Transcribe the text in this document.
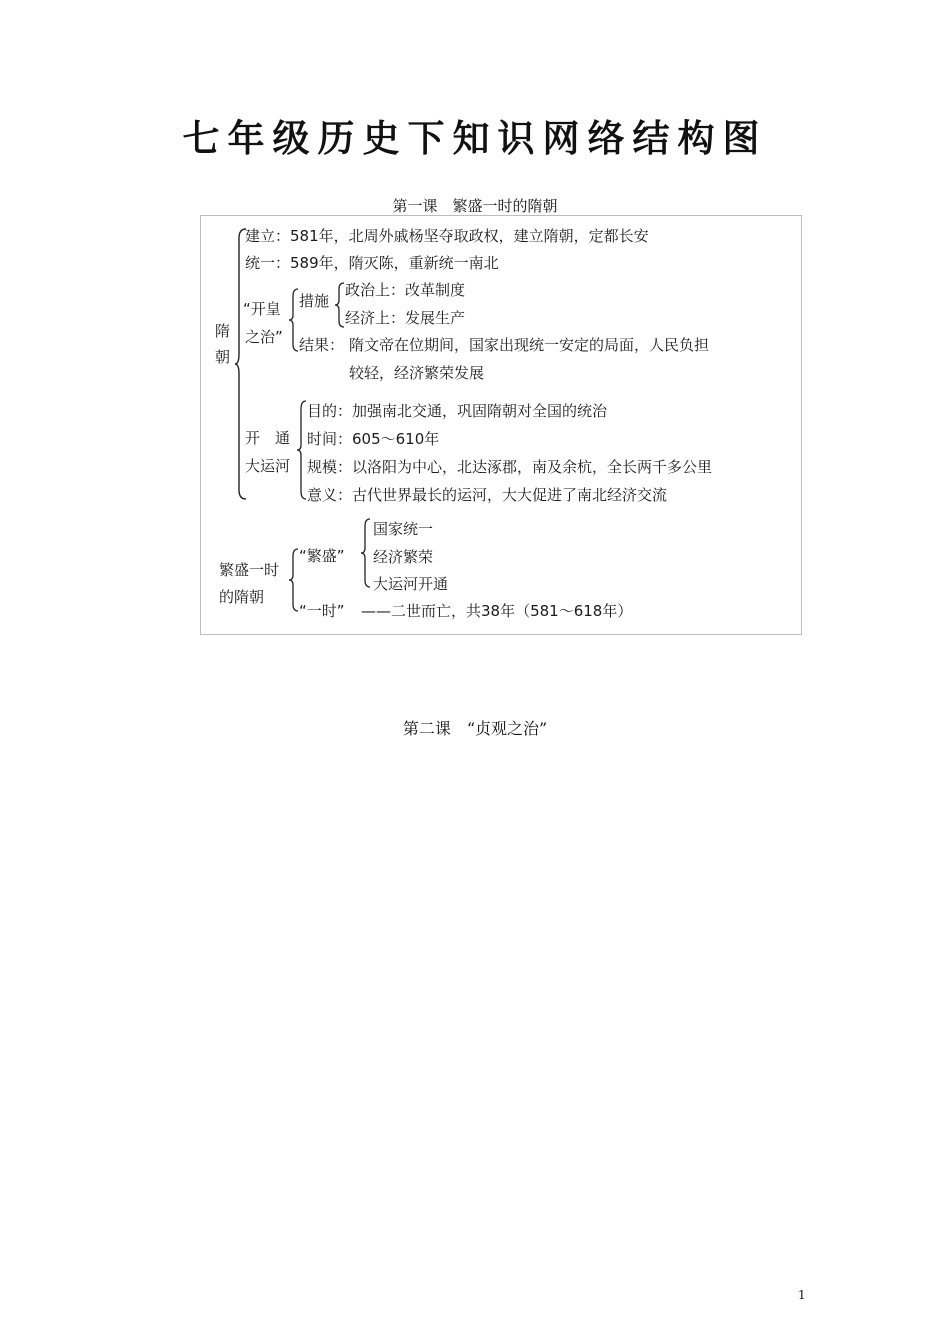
七年级历史下知识网络结构图
第一课　繁盛一时的隋朝
隋
朝
建立：581年，北周外戚杨坚夺取政权，建立隋朝，定都长安
统一：589年，隋灭陈，重新统一南北
“开皇
之治”
措施
政治上：改革制度
经济上：发展生产
结果： 隋文帝在位期间，国家出现统一安定的局面，人民负担
较轻，经济繁荣发展
开　通
大运河
目的：加强南北交通，巩固隋朝对全国的统治
时间：605～610年
规模：以洛阳为中心，北达涿郡，南及余杭，全长两千多公里
意义：古代世界最长的运河，大大促进了南北经济交流
繁盛一时
的隋朝
“繁盛”
国家统一
经济繁荣
大运河开通
“一时” ——二世而亡，共38年（581～618年）
第二课　“贞观之治”
1
